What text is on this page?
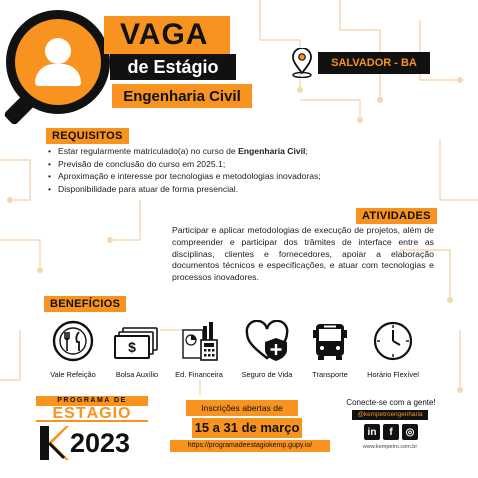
VAGA
de Estágio
Engenharia Civil
SALVADOR - BA
REQUISITOS
• Estar regularmente matriculado(a) no curso de Engenharia Civil;
• Previsão de conclusão do curso em 2025.1;
• Aproximação e interesse por tecnologias e metodologias inovadoras;
• Disponibilidade para atuar de forma presencial.
ATIVIDADES

Participar e aplicar metodologias de execução de projetos, além de compreender e participar dos trâmites de interface entre as disciplinas, clientes e fornecedores, apoiar a elaboração documentos técnicos e especificações, e atuar com tecnologias e processos inovadores.

BENEFÍCIOS
Vale Refeição
$
Bolsa Auxílio	Ed. Financeira	Seguro de Vida	Transporte	Horário Flexível
PROGRAMA DE
ESTÁGIO
2023
Inscrições abertas de
15 a 31 de março
https://programadeestagiokemp.gupy.io/
Conecte-se com a gente!
@kempetroengenharia
in	f	◎
www.kempetro.com.br
